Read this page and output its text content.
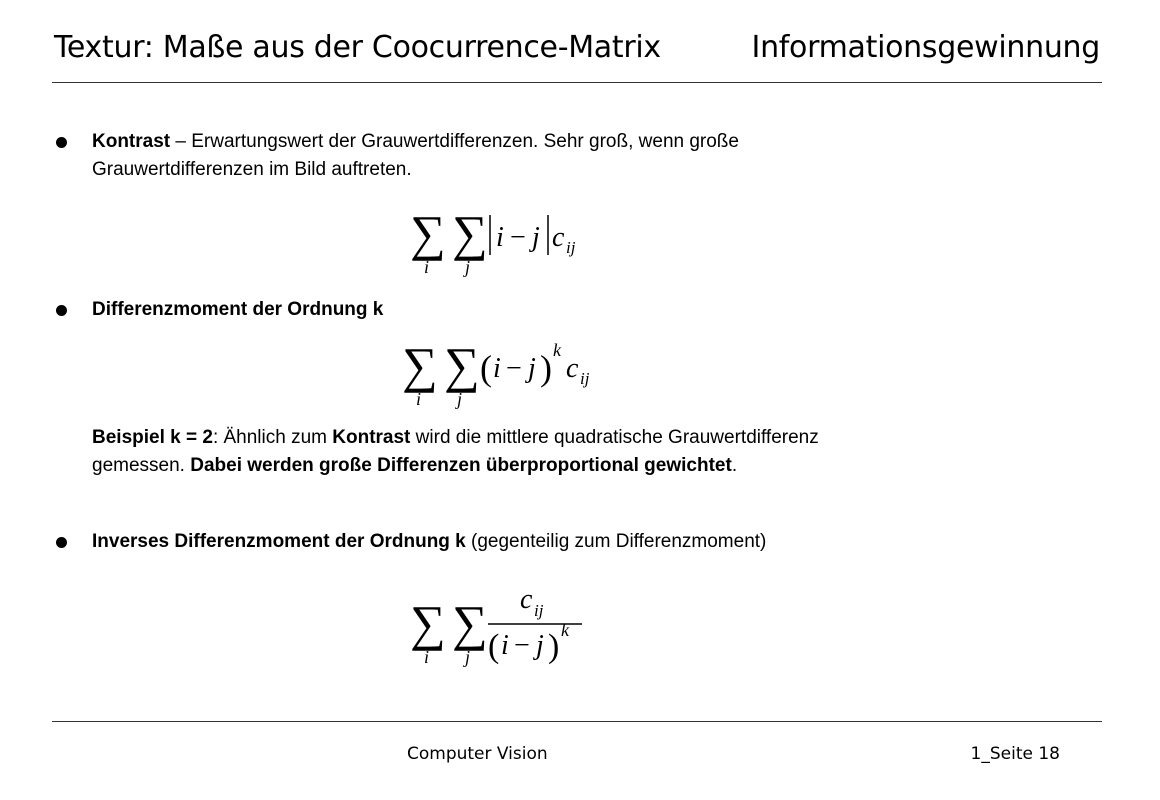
Textur: Maße aus der Coocurrence-Matrix	Informationsgewinnung
Kontrast – Erwartungswert der Grauwertdifferenzen. Sehr groß, wenn große
Grauwertdifferenzen im Bild auftreten.
∑
i
∑
j
i − j c ij
Differenzmoment der Ordnung k
∑
i
∑
j
( i − j ) k
c ij
Beispiel k = 2: Ähnlich zum Kontrast wird die mittlere quadratische Grauwertdifferenz
gemessen. Dabei werden große Differenzen überproportional gewichtet.
Inverses Differenzmoment der Ordnung k (gegenteilig zum Differenzmoment)
∑
i
∑
j
c ij
( i − j ) k
Computer Vision	1_Seite 18
